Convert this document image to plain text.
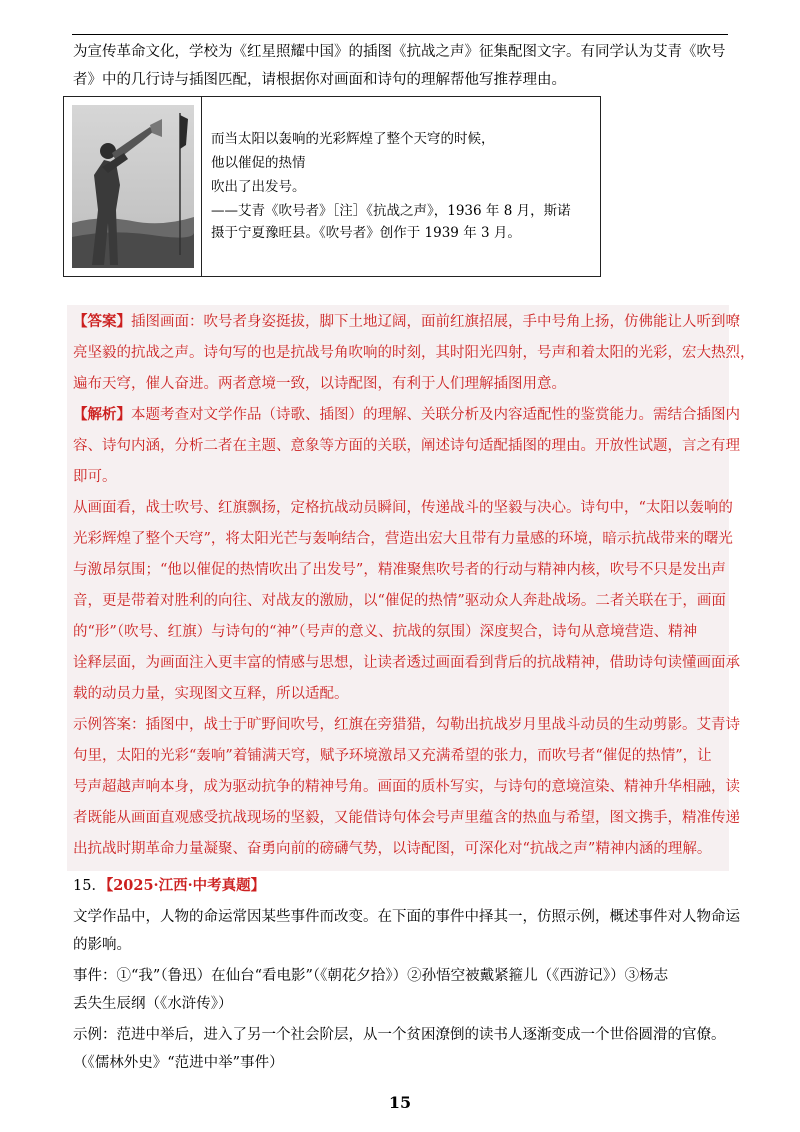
为宣传革命文化，学校为《红星照耀中国》的插图《抗战之声》征集配图文字。有同学认为艾青《吹号
者》中的几行诗与插图匹配，请根据你对画面和诗句的理解帮他写推荐理由。
而当太阳以轰响的光彩辉煌了整个天穹的时候，
他以催促的热情
吹出了出发号。
——艾青《吹号者》［注］《抗战之声》，1936 年 8 月，斯诺
摄于宁夏豫旺县。《吹号者》创作于 1939 年 3 月。
【答案】插图画面：吹号者身姿挺拔，脚下土地辽阔，面前红旗招展，手中号角上扬，仿佛能让人听到嘹
亮坚毅的抗战之声。诗句写的也是抗战号角吹响的时刻，其时阳光四射，号声和着太阳的光彩，宏大热烈，
遍布天穹，催人奋进。两者意境一致，以诗配图，有利于人们理解插图用意。
【解析】本题考查对文学作品（诗歌、插图）的理解、关联分析及内容适配性的鉴赏能力。需结合插图内
容、诗句内涵，分析二者在主题、意象等方面的关联，阐述诗句适配插图的理由。开放性试题，言之有理
即可。
从画面看，战士吹号、红旗飘扬，定格抗战动员瞬间，传递战斗的坚毅与决心。诗句中，“太阳以轰响的
光彩辉煌了整个天穹”，将太阳光芒与轰响结合，营造出宏大且带有力量感的环境，暗示抗战带来的曙光
与激昂氛围；“他以催促的热情吹出了出发号”，精准聚焦吹号者的行动与精神内核，吹号不只是发出声
音，更是带着对胜利的向往、对战友的激励，以“催促的热情”驱动众人奔赴战场。二者关联在于，画面
的“形”（吹号、红旗）与诗句的“神”（号声的意义、抗战的氛围）深度契合，诗句从意境营造、精神
诠释层面，为画面注入更丰富的情感与思想，让读者透过画面看到背后的抗战精神，借助诗句读懂画面承
载的动员力量，实现图文互释，所以适配。
示例答案：插图中，战士于旷野间吹号，红旗在旁猎猎，勾勒出抗战岁月里战斗动员的生动剪影。艾青诗
句里，太阳的光彩“轰响”着铺满天穹，赋予环境激昂又充满希望的张力，而吹号者“催促的热情”，让
号声超越声响本身，成为驱动抗争的精神号角。画面的质朴写实，与诗句的意境渲染、精神升华相融，读
者既能从画面直观感受抗战现场的坚毅，又能借诗句体会号声里蕴含的热血与希望，图文携手，精准传递
出抗战时期革命力量凝聚、奋勇向前的磅礴气势，以诗配图，可深化对“抗战之声”精神内涵的理解。
15．【2025·江西·中考真题】
文学作品中，人物的命运常因某些事件而改变。在下面的事件中择其一，仿照示例，概述事件对人物命运
的影响。
事件：①“我”（鲁迅）在仙台“看电影”（《朝花夕拾》）②孙悟空被戴紧箍儿（《西游记》）③杨志
丢失生辰纲（《水浒传》）
示例：范进中举后，进入了另一个社会阶层，从一个贫困潦倒的读书人逐渐变成一个世俗圆滑的官僚。
（《儒林外史》“范进中举”事件）
15
